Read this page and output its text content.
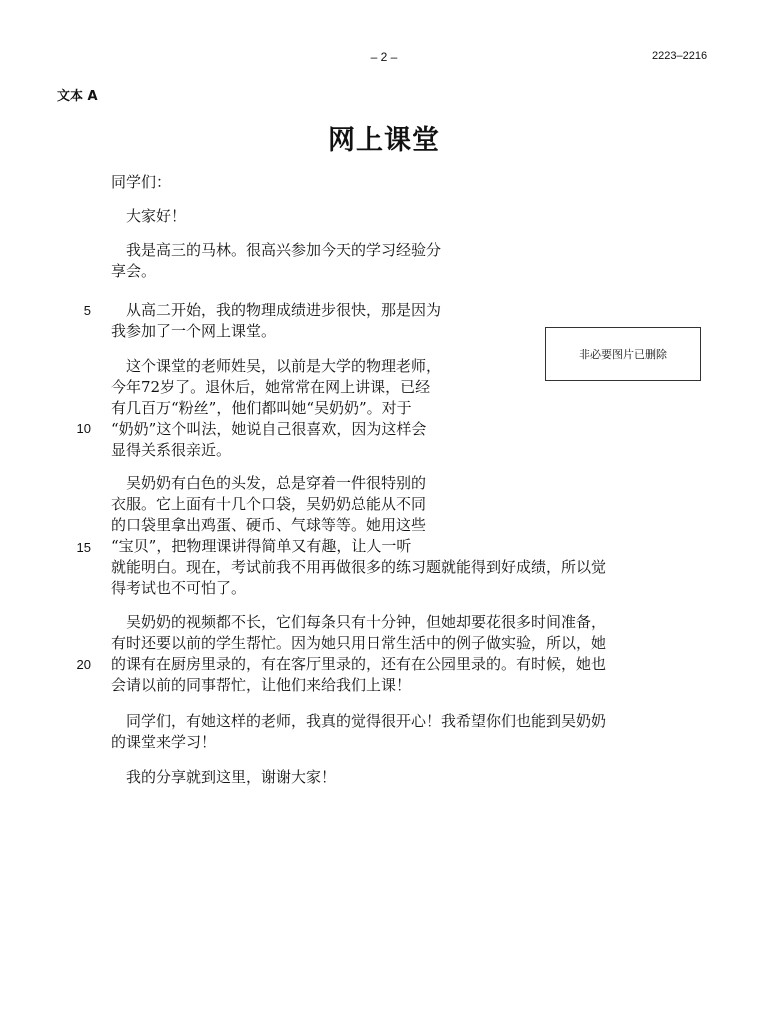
– 2 –	2223–2216
文本 A
网上课堂
5
10
15
20
同学们：
　大家好！
　我是高三的马林。很高兴参加今天的学习经验分
享会。
　从高二开始，我的物理成绩进步很快，那是因为
我参加了一个网上课堂。
　这个课堂的老师姓吴，以前是大学的物理老师，
今年72岁了。退休后，她常常在网上讲课，已经
有几百万“粉丝”，他们都叫她“吴奶奶”。对于
“奶奶”这个叫法，她说自己很喜欢，因为这样会
显得关系很亲近。
　吴奶奶有白色的头发，总是穿着一件很特别的
衣服。它上面有十几个口袋，吴奶奶总能从不同
的口袋里拿出鸡蛋、硬币、气球等等。她用这些
“宝贝”，把物理课讲得简单又有趣，让人一听
就能明白。现在，考试前我不用再做很多的练习题就能得到好成绩，所以觉
得考试也不可怕了。
　吴奶奶的视频都不长，它们每条只有十分钟，但她却要花很多时间准备，
有时还要以前的学生帮忙。因为她只用日常生活中的例子做实验，所以，她
的课有在厨房里录的，有在客厅里录的，还有在公园里录的。有时候，她也
会请以前的同事帮忙，让他们来给我们上课！
　同学们，有她这样的老师，我真的觉得很开心！我希望你们也能到吴奶奶
的课堂来学习！
　我的分享就到这里，谢谢大家！
非必要图片已删除
